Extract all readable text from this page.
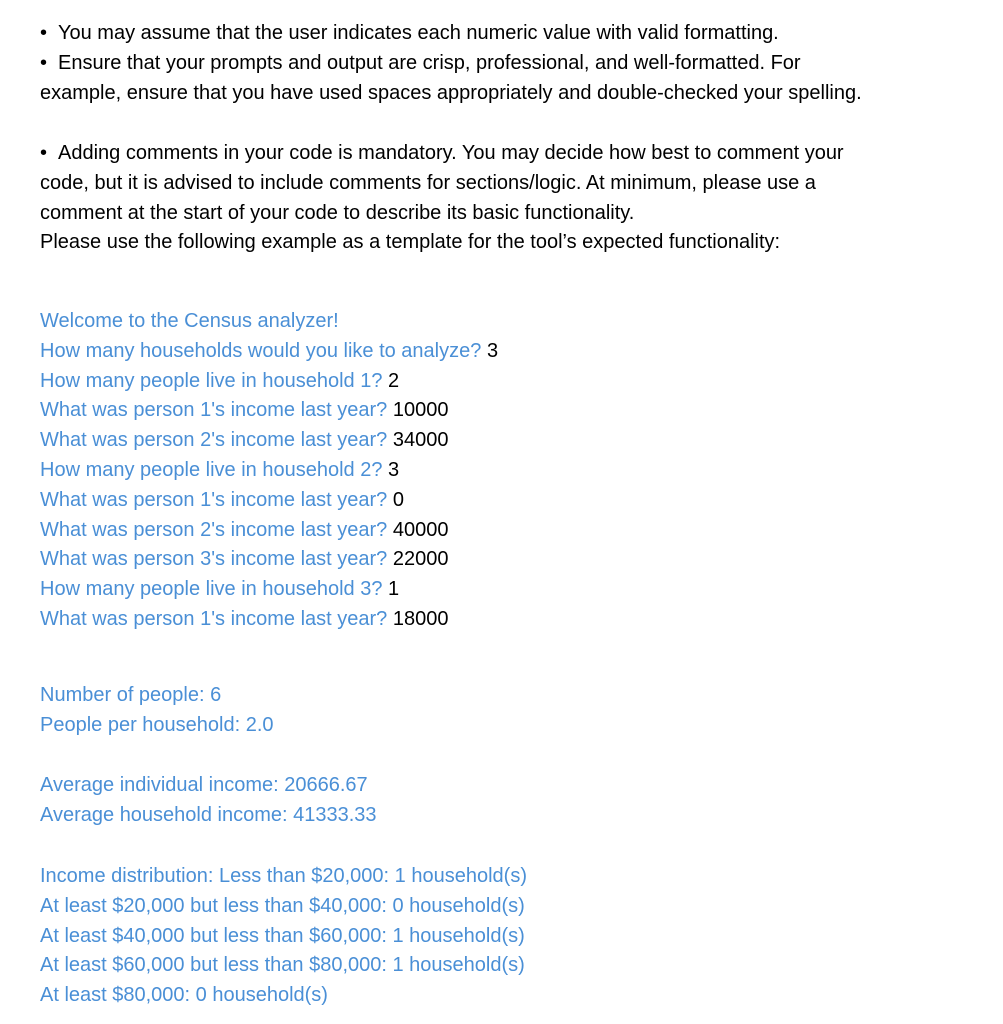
• You may assume that the user indicates each numeric value with valid formatting.
• Ensure that your prompts and output are crisp, professional, and well-formatted. For
example, ensure that you have used spaces appropriately and double-checked your spelling.
• Adding comments in your code is mandatory. You may decide how best to comment your
code, but it is advised to include comments for sections/logic. At minimum, please use a
comment at the start of your code to describe its basic functionality.
Please use the following example as a template for the tool’s expected functionality:
Welcome to the Census analyzer!
How many households would you like to analyze? 3
How many people live in household 1? 2
What was person 1's income last year? 10000
What was person 2's income last year? 34000
How many people live in household 2? 3
What was person 1's income last year? 0
What was person 2's income last year? 40000
What was person 3's income last year? 22000
How many people live in household 3? 1
What was person 1's income last year? 18000
Number of people: 6
People per household: 2.0
Average individual income: 20666.67
Average household income: 41333.33
Income distribution: Less than $20,000: 1 household(s)
At least $20,000 but less than $40,000: 0 household(s)
At least $40,000 but less than $60,000: 1 household(s)
At least $60,000 but less than $80,000: 1 household(s)
At least $80,000: 0 household(s)
